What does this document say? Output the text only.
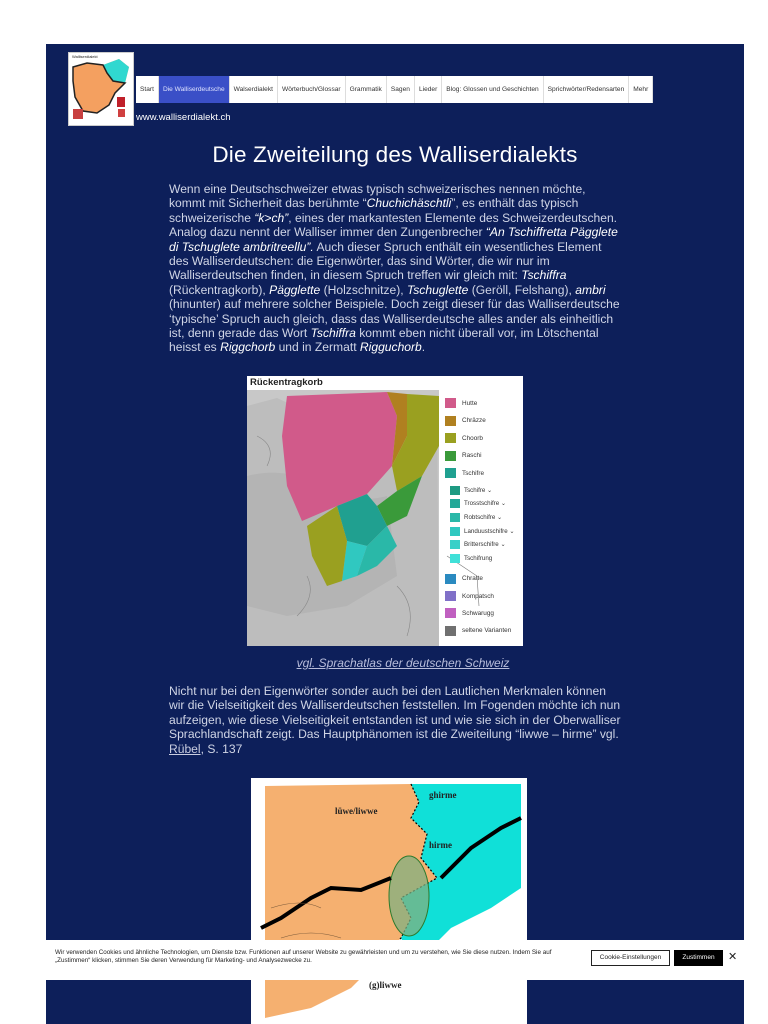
Walliserdialekt
Start	Die Walliserdeutsche	Walserdialekt	Wörterbuch/Glossar	Grammatik	Sagen	Lieder	Blog: Glossen und Geschichten	Sprichwörter/Redensarten	Mehr
www.walliserdialekt.ch
Die Zweiteilung des Walliserdialekts

Wenn eine Deutschschweizer etwas typisch schweizerisches nennen möchte, kommt mit Sicherheit das berühmte “Chuchichäschtli”, es enthält das typisch schweizerische “k>ch”, eines der markantesten Elemente des Schweizerdeutschen. Analog dazu nennt der Walliser immer den Zungenbrecher “An Tschiffretta Pägglete di Tschuglete ambritreellu”. Auch dieser Spruch enthält ein wesentliches Element des Walliserdeutschen: die Eigenwörter, das sind Wörter, die wir nur im Walliserdeutschen finden, in diesem Spruch treffen wir gleich mit: Tschiffra (Rückentragkorb), Pägglette (Holzschnitze), Tschuglette (Geröll, Felshang), ambri (hinunter) auf mehrere solcher Beispiele. Doch zeigt dieser für das Walliserdeutsche ‘typische’ Spruch auch gleich, dass das Walliserdeutsche alles ander als einheitlich ist, denn gerade das Wort Tschiffra kommt eben nicht überall vor, im Lötschental heisst es Riggchorb und in Zermatt Rigguchorb.

Rückentragkorb
Hutte
Chräzze
Choorb
Raschi
Tschifre
Tschifre ⌄
Trosstschifre ⌄
Robtschifre ⌄
Landuustschifre ⌄
Britterschifre ⌄
Tschifrung
Chratte
Kompatsch
Schwarugg
seltene Varianten
vgl. Sprachatlas der deutschen Schweiz

Nicht nur bei den Eigenwörter sonder auch bei den Lautlichen Merkmalen können wir die Vielseitigkeit des Walliserdeutschen feststellen. Im Fogenden möchte ich nun aufzeigen, wie diese Vielseitigkeit entstanden ist und wie sie sich in der Oberwalliser Sprachlandschaft zeigt. Das Hauptphänomen ist die Zweiteilung “liwwe – hirme” vgl. Rübel, S. 137

lüwe/liwwe
ghirme
hirme
(g)liwwe
Wir verwenden Cookies und ähnliche Technologien, um Dienste bzw. Funktionen auf unserer Website zu gewährleisten und um zu verstehen, wie Sie diese nutzen. Indem Sie auf „Zustimmen“ klicken, stimmen Sie deren Verwendung für Marketing- und Analysezwecke zu.	Cookie-Einstellungen	Zustimmen	✕
